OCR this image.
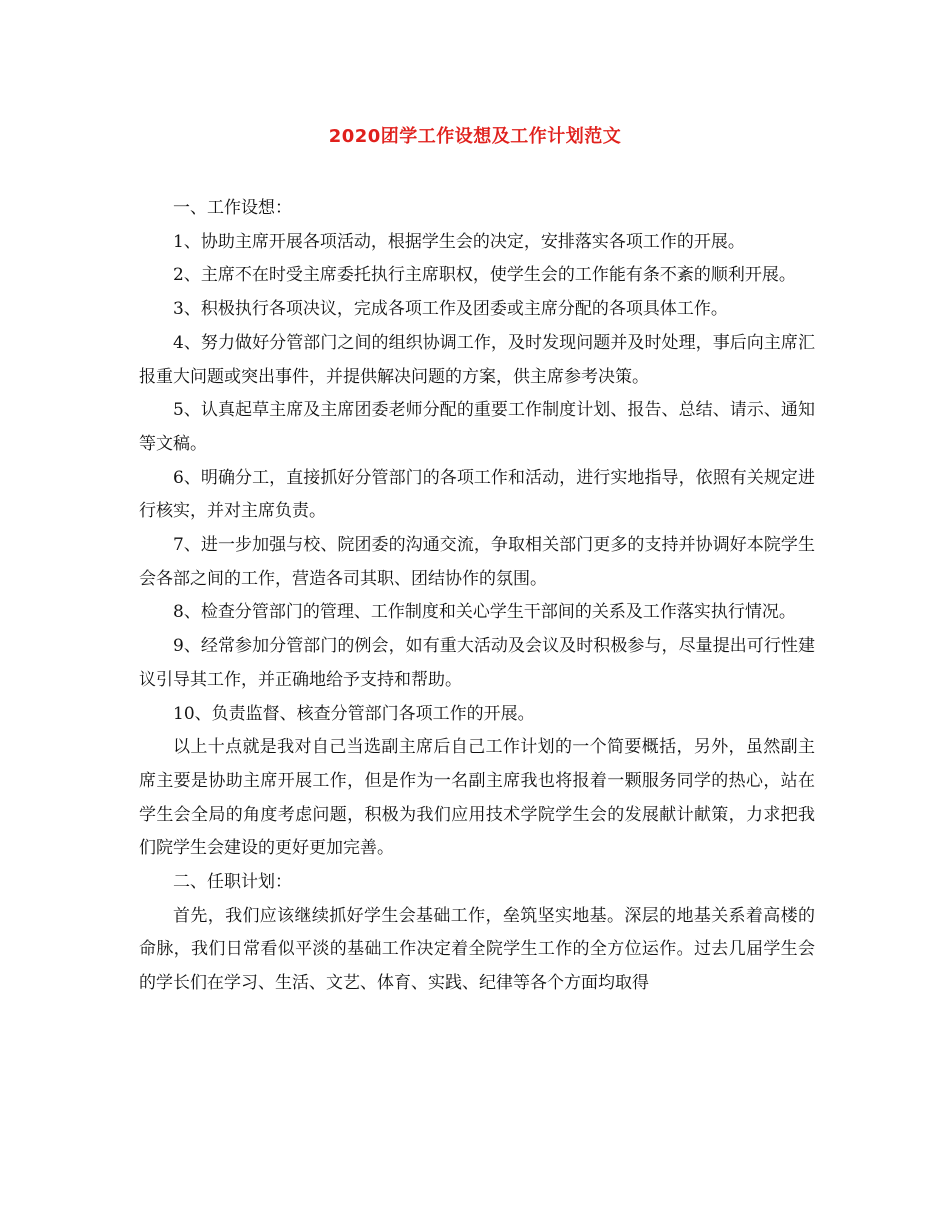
2020团学工作设想及工作计划范文

一、工作设想：

1、协助主席开展各项活动，根据学生会的决定，安排落实各项工作的开展。

2、主席不在时受主席委托执行主席职权，使学生会的工作能有条不紊的顺利开展。

3、积极执行各项决议，完成各项工作及团委或主席分配的各项具体工作。

4、努力做好分管部门之间的组织协调工作，及时发现问题并及时处理，事后向主席汇报重大问题或突出事件，并提供解决问题的方案，供主席参考决策。

5、认真起草主席及主席团委老师分配的重要工作制度计划、报告、总结、请示、通知等文稿。

6、明确分工，直接抓好分管部门的各项工作和活动，进行实地指导，依照有关规定进行核实，并对主席负责。

7、进一步加强与校、院团委的沟通交流，争取相关部门更多的支持并协调好本院学生会各部之间的工作，营造各司其职、团结协作的氛围。

8、检查分管部门的管理、工作制度和关心学生干部间的关系及工作落实执行情况。

9、经常参加分管部门的例会，如有重大活动及会议及时积极参与，尽量提出可行性建议引导其工作，并正确地给予支持和帮助。

10、负责监督、核查分管部门各项工作的开展。

以上十点就是我对自己当选副主席后自己工作计划的一个简要概括，另外，虽然副主席主要是协助主席开展工作，但是作为一名副主席我也将报着一颗服务同学的热心，站在学生会全局的角度考虑问题，积极为我们应用技术学院学生会的发展献计献策，力求把我们院学生会建设的更好更加完善。

二、任职计划：

首先，我们应该继续抓好学生会基础工作，垒筑坚实地基。深层的地基关系着高楼的命脉，我们日常看似平淡的基础工作决定着全院学生工作的全方位运作。过去几届学生会的学长们在学习、生活、文艺、体育、实践、纪律等各个方面均取得
